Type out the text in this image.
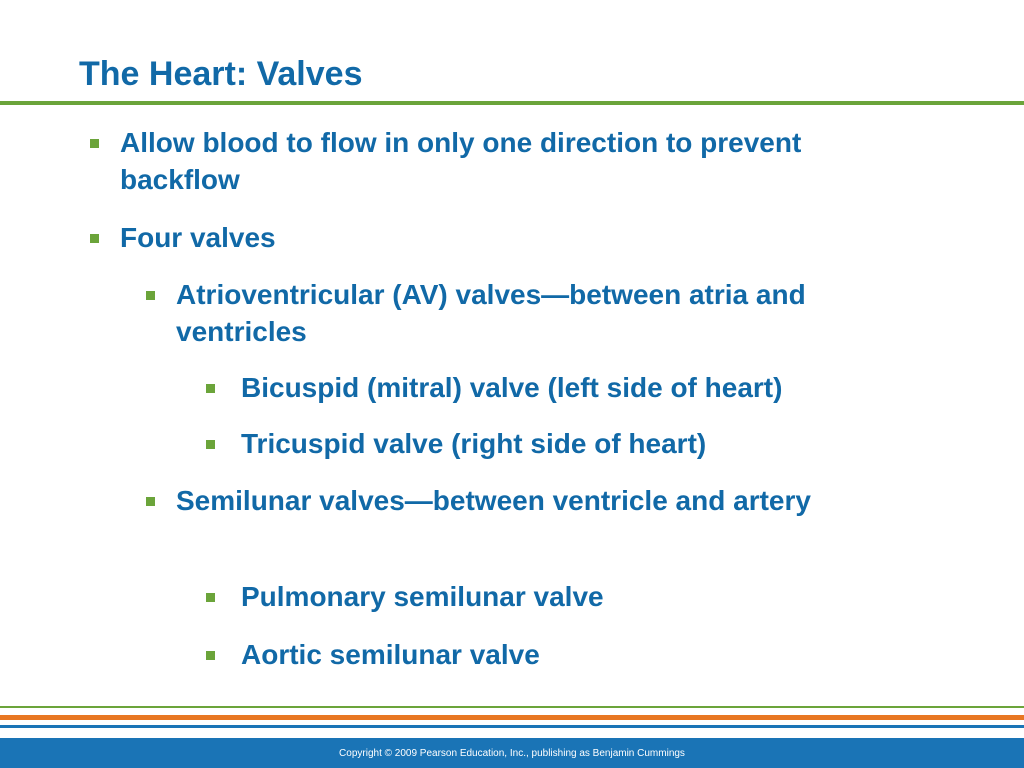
The Heart: Valves
Allow blood to flow in only one direction to prevent backflow
Four valves
Atrioventricular (AV) valves—between atria and ventricles
Bicuspid (mitral) valve (left side of heart)
Tricuspid valve (right side of heart)
Semilunar valves—between ventricle and artery
Pulmonary semilunar valve
Aortic semilunar valve
Copyright © 2009 Pearson Education, Inc., publishing as Benjamin Cummings
